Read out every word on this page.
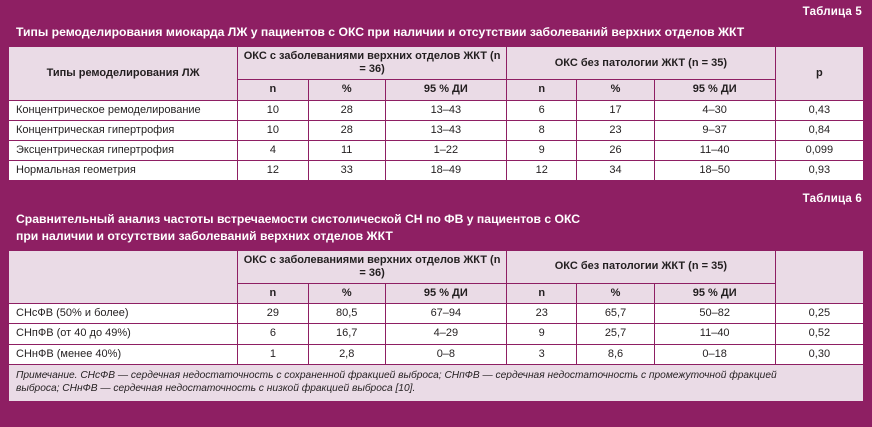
Таблица 5
Типы ремоделирования миокарда ЛЖ у пациентов с ОКС при наличии и отсутствии заболеваний верхних отделов ЖКТ
Типы ремоделирования ЛЖ	ОКС с заболеваниями верхних отделов ЖКТ (n = 36)			ОКС без патологии ЖКТ (n = 35)			p
	n	%	95 % ДИ	n	%	95 % ДИ	
Концентрическое ремоделирование	10	28	13–43	6	17	4–30	0,43
Концентрическая гипертрофия	10	28	13–43	8	23	9–37	0,84
Эксцентрическая гипертрофия	4	11	1–22	9	26	11–40	0,099
Нормальная геометрия	12	33	18–49	12	34	18–50	0,93
Таблица 6
Сравнительный анализ частоты встречаемости систолической СН по ФВ у пациентов с ОКС
при наличии и отсутствии заболеваний верхних отделов ЖКТ
	ОКС с заболеваниями верхних отделов ЖКТ (n = 36)			ОКС без патологии ЖКТ (n = 35)			
	n	%	95 % ДИ	n	%	95 % ДИ	
СНсФВ (50% и более)	29	80,5	67–94	23	65,7	50–82	0,25
СНпФВ (от 40 до 49%)	6	16,7	4–29	9	25,7	11–40	0,52
СНнФВ (менее 40%)	1	2,8	0–8	3	8,6	0–18	0,30
Примечание. СНсФВ — сердечная недостаточность с сохраненной фракцией выброса; СНпФВ — сердечная недостаточность с промежуточной фракцией
выброса; СНнФВ — сердечная недостаточность с низкой фракцией выброса [10].
